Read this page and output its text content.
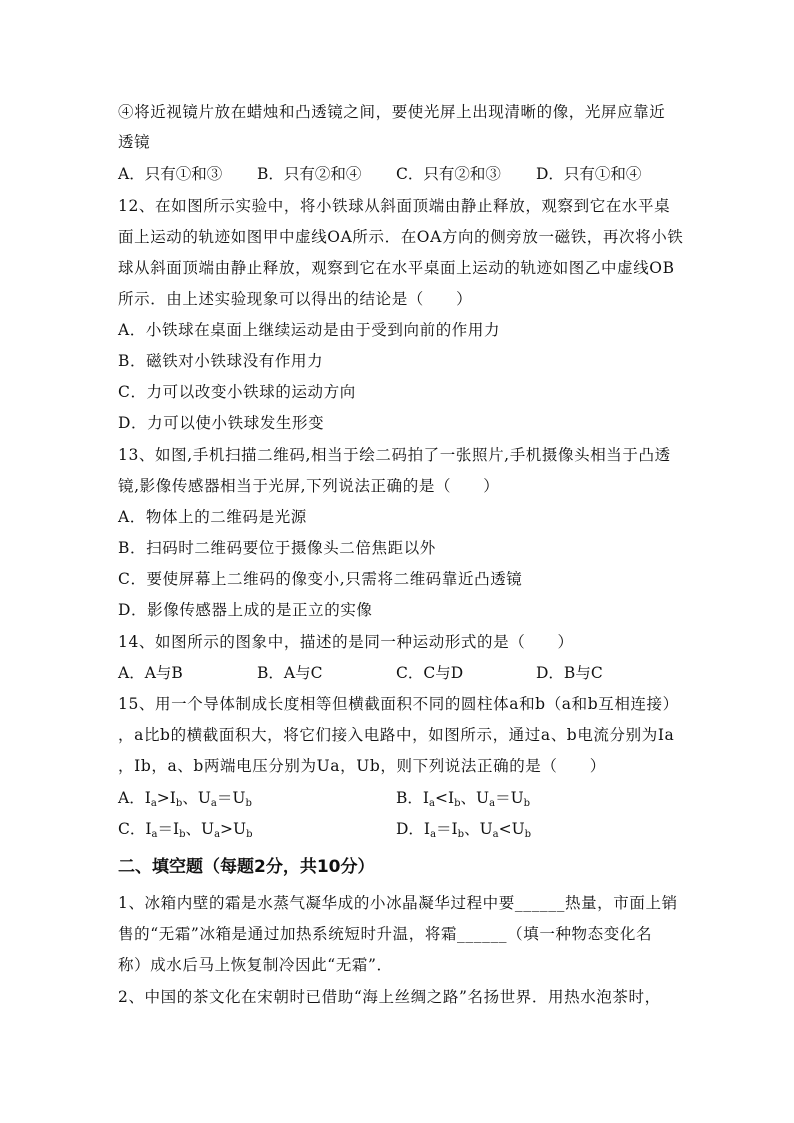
④将近视镜片放在蜡烛和凸透镜之间，要使光屏上出现清晰的像，光屏应靠近
透镜
12、在如图所示实验中，将小铁球从斜面顶端由静止释放，观察到它在水平桌
面上运动的轨迹如图甲中虚线OA所示．在OA方向的侧旁放一磁铁，再次将小铁
球从斜面顶端由静止释放，观察到它在水平桌面上运动的轨迹如图乙中虚线OB
所示．由上述实验现象可以得出的结论是（　　）
A．小铁球在桌面上继续运动是由于受到向前的作用力
B．磁铁对小铁球没有作用力
C．力可以改变小铁球的运动方向
D．力可以使小铁球发生形变
13、如图,手机扫描二维码,相当于绘二码拍了一张照片,手机摄像头相当于凸透
镜,影像传感器相当于光屏,下列说法正确的是（　　）
A．物体上的二维码是光源
B．扫码时二维码要位于摄像头二倍焦距以外
C．要使屏幕上二维码的像变小,只需将二维码靠近凸透镜
D．影像传感器上成的是正立的实像
14、如图所示的图象中，描述的是同一种运动形式的是（　　）
15、用一个导体制成长度相等但横截面积不同的圆柱体a和b（a和b互相连接）
，a比b的横截面积大，将它们接入电路中，如图所示，通过a、b电流分别为Ia
，Ib，a、b两端电压分别为Ua，Ub，则下列说法正确的是（　　）
1、冰箱内壁的霜是水蒸气凝华成的小冰晶凝华过程中要______热量，市面上销
售的“无霜”冰箱是通过加热系统短时升温，将霜______（填一种物态变化名
称）成水后马上恢复制冷因此“无霜”．
2、中国的茶文化在宋朝时已借助“海上丝绸之路”名扬世界．用热水泡茶时，
A．只有①和③ B．只有②和④ C．只有②和③ D．只有①和④
A．A与B	B．A与C	C．C与D	D．B与C
A．$I_a>I_b$、$U_a=U_b$	B．$I_a<I_b$、$U_a=U_b$
C．$I_a=I_b$、$U_a>U_b$	D．$I_a=I_b$、$U_a<U_b$
二、填空题（每题2分，共10分）
